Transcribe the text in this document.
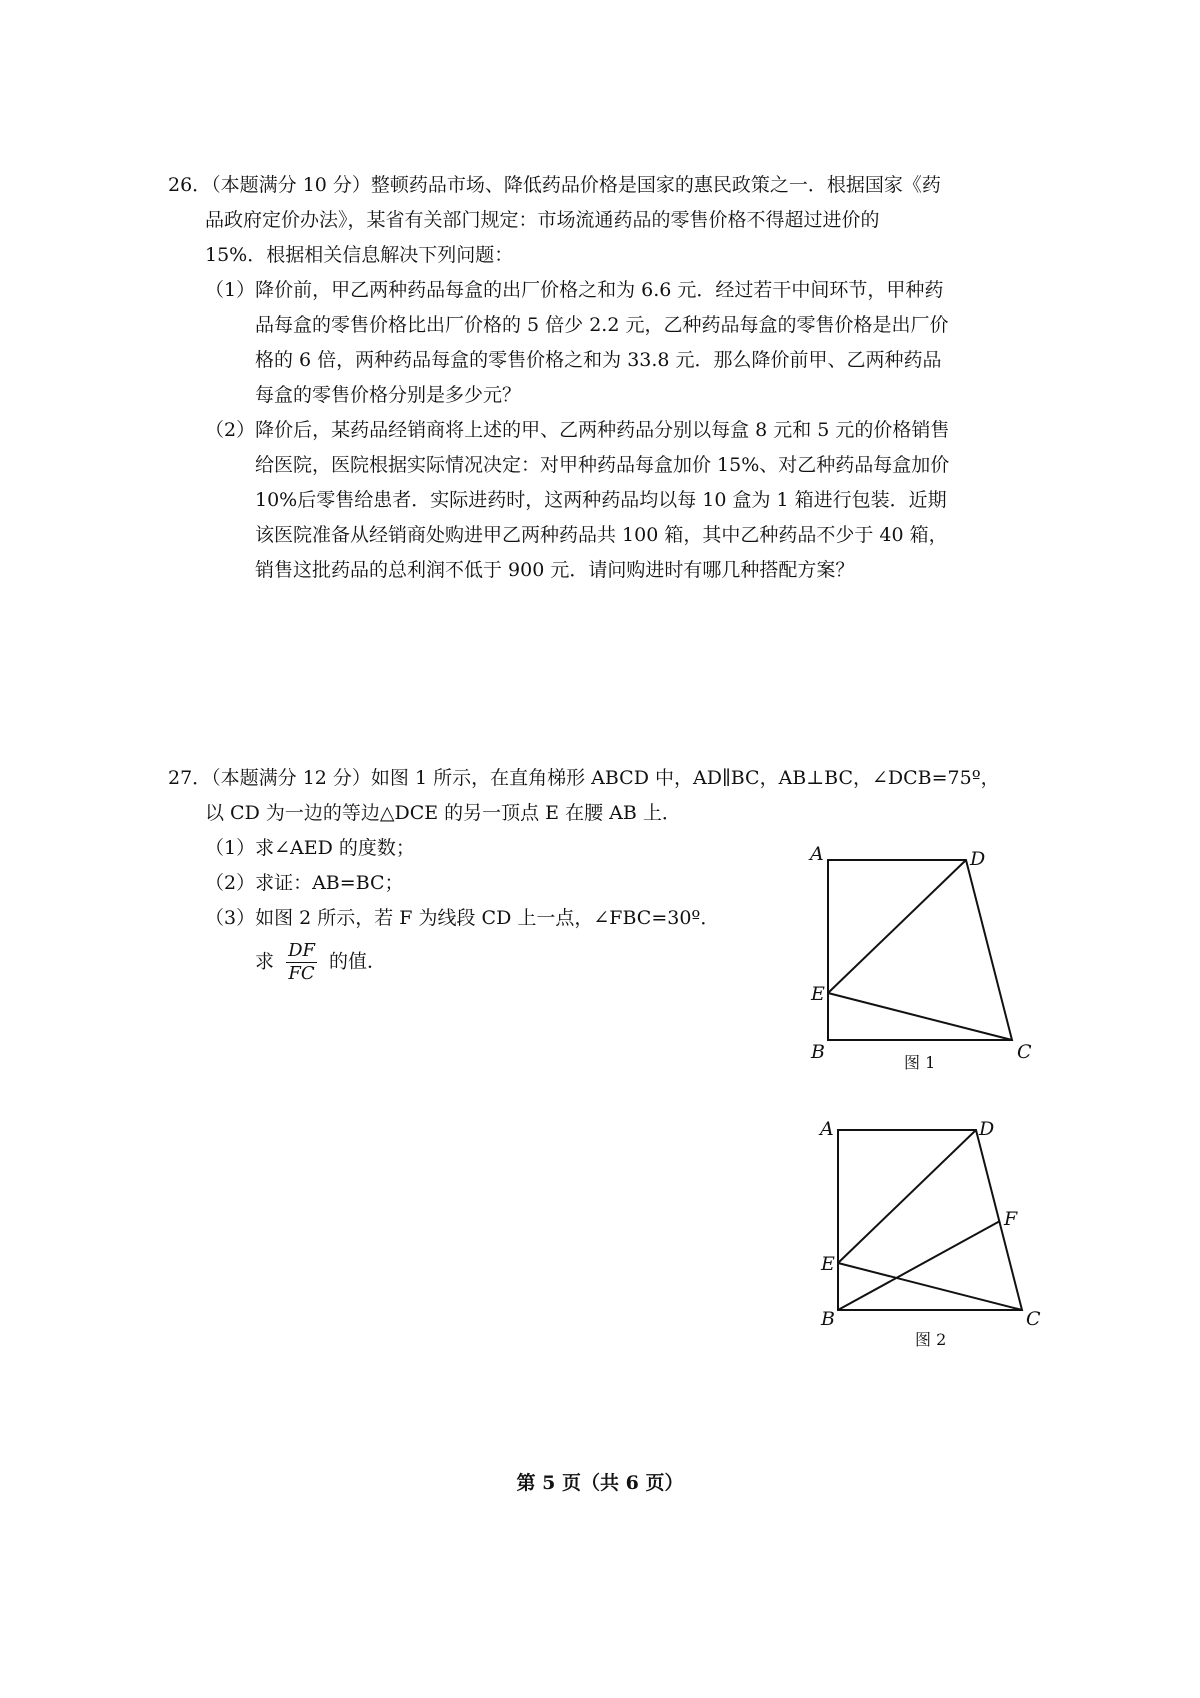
26．（本题满分 10 分）整顿药品市场、降低药品价格是国家的惠民政策之一．根据国家《药
品政府定价办法》，某省有关部门规定：市场流通药品的零售价格不得超过进价的
15%．根据相关信息解决下列问题：
（1）降价前，甲乙两种药品每盒的出厂价格之和为 6.6 元．经过若干中间环节，甲种药
品每盒的零售价格比出厂价格的 5 倍少 2.2 元，乙种药品每盒的零售价格是出厂价
格的 6 倍，两种药品每盒的零售价格之和为 33.8 元．那么降价前甲、乙两种药品
每盒的零售价格分别是多少元？
（2）降价后，某药品经销商将上述的甲、乙两种药品分别以每盒 8 元和 5 元的价格销售
给医院，医院根据实际情况决定：对甲种药品每盒加价 15%、对乙种药品每盒加价
10%后零售给患者．实际进药时，这两种药品均以每 10 盒为 1 箱进行包装．近期
该医院准备从经销商处购进甲乙两种药品共 100 箱，其中乙种药品不少于 40 箱，
销售这批药品的总利润不低于 900 元．请问购进时有哪几种搭配方案？
27．（本题满分 12 分）如图 1 所示，在直角梯形 ABCD 中，AD∥BC，AB⊥BC，∠DCB=75º，
以 CD 为一边的等边△DCE 的另一顶点 E 在腰 AB 上．
（1）求∠AED 的度数；
（2）求证：AB=BC；
（3）如图 2 所示，若 F 为线段 CD 上一点，∠FBC=30º．
求 $\frac{DF}{FC}$ 的值．
A	D
E
B	C
图 1
A	D
F
E
B	C
图 2
第 5 页（共 6 页）
